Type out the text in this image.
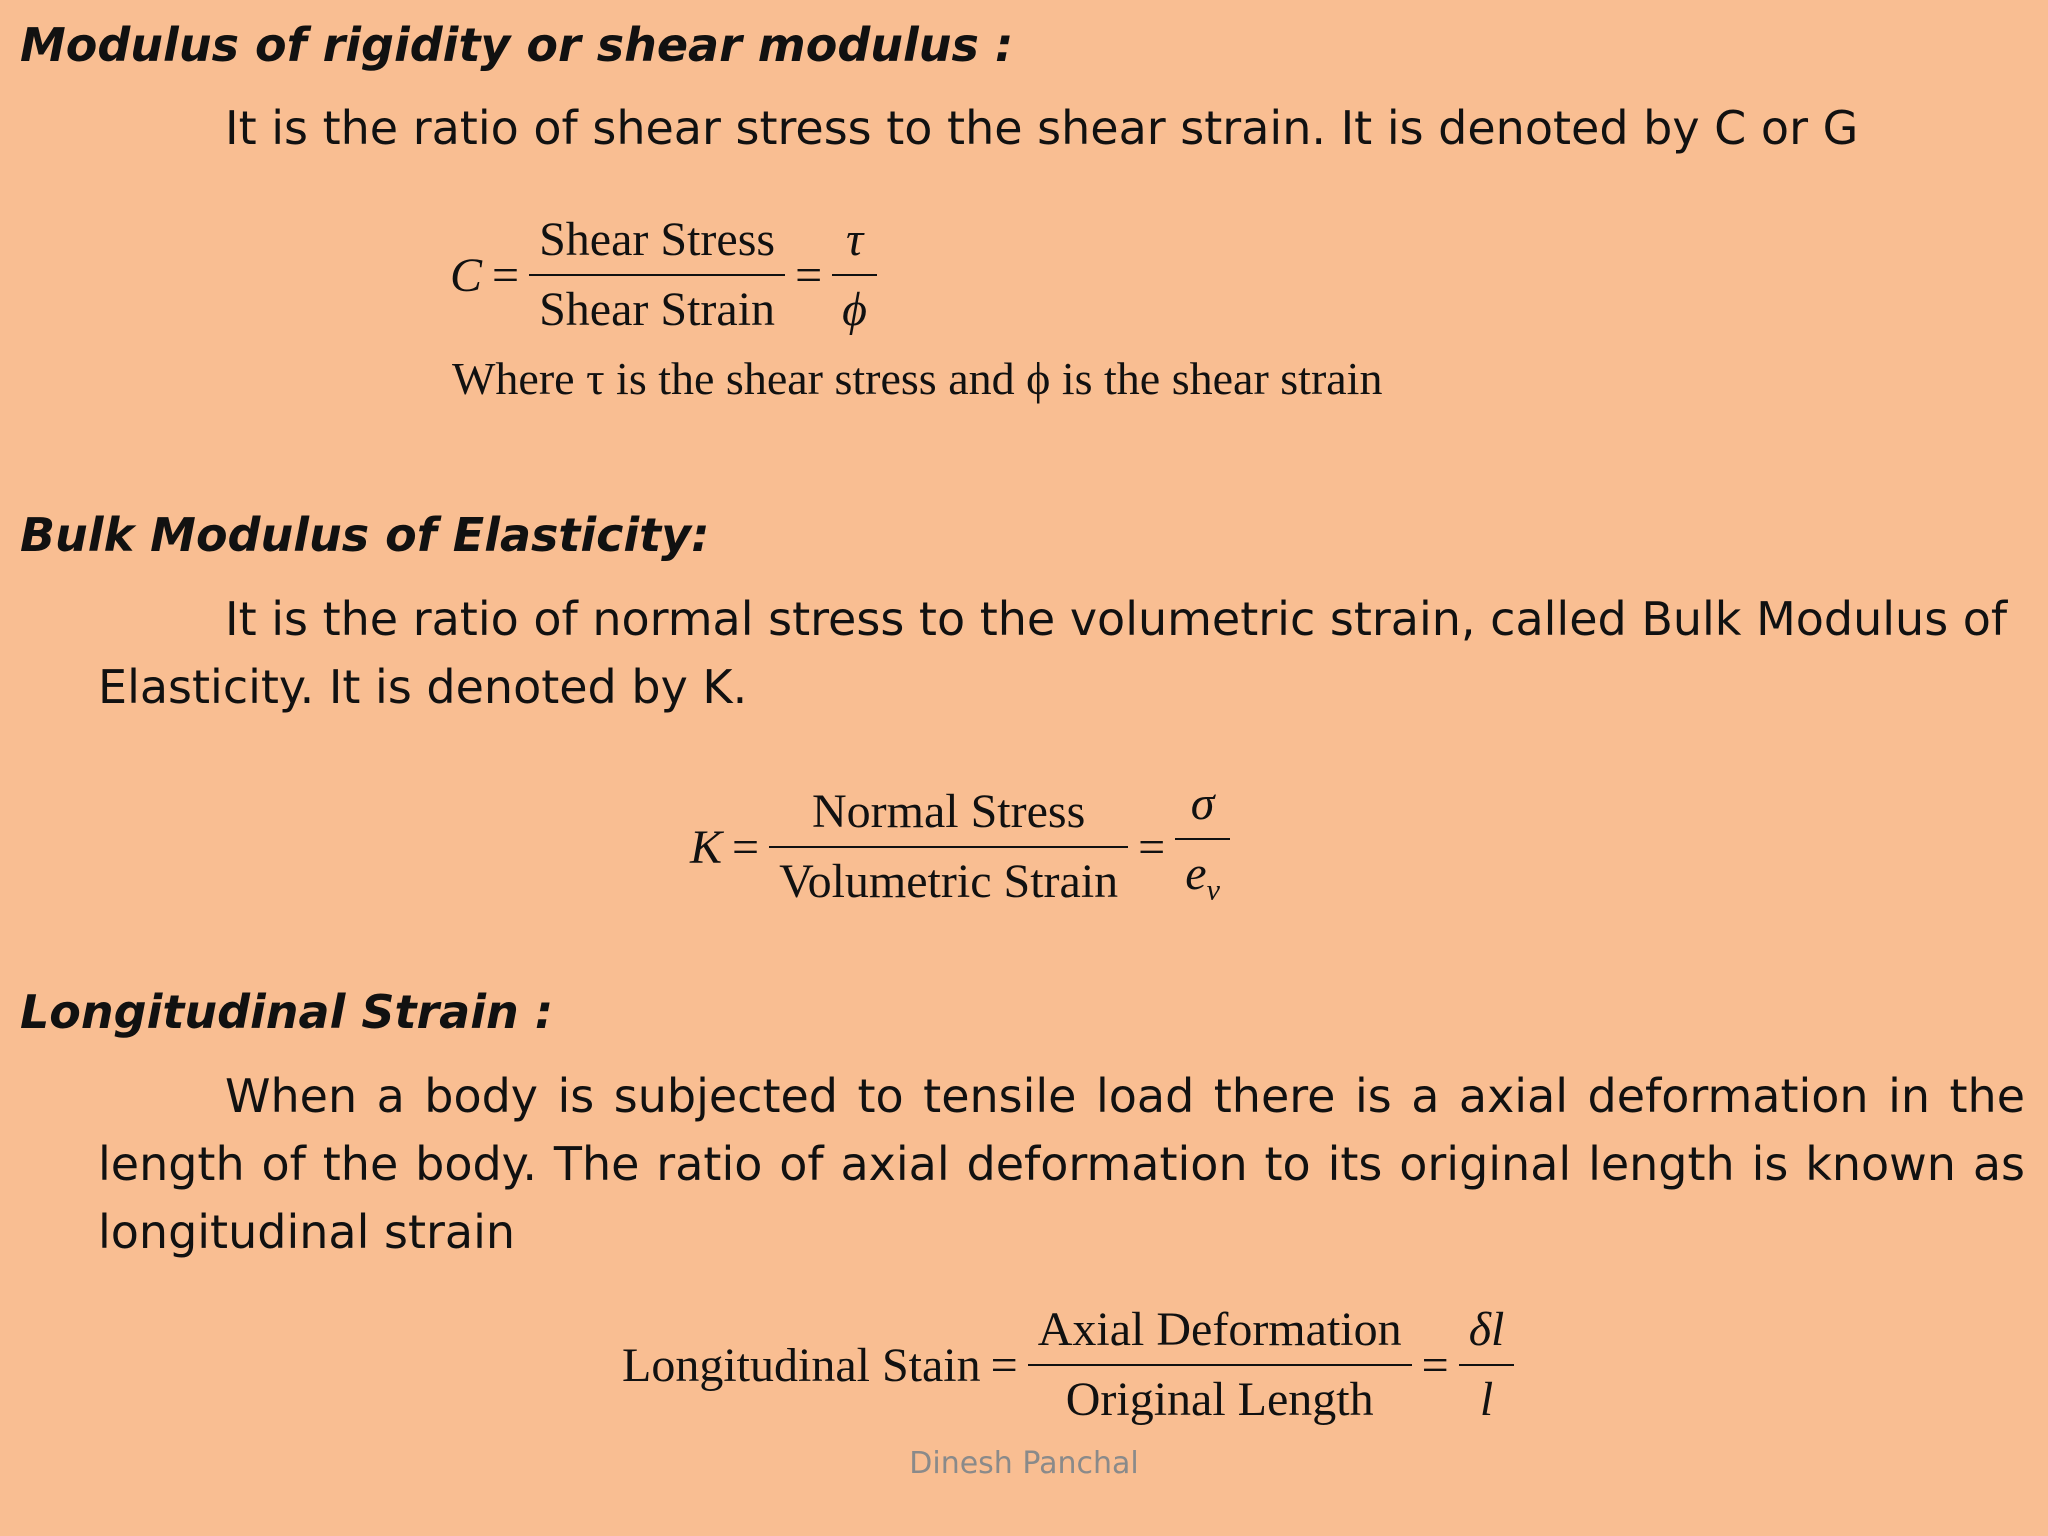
Modulus of rigidity or shear modulus :
It is the ratio of shear stress to the shear strain. It is denoted by C or G
$C = \frac{\text{Shear Stress}}{\text{Shear Strain}} = \frac{\tau}{\phi}$
Where τ is the shear stress and ϕ is the shear strain
Bulk Modulus of Elasticity:
It is the ratio of normal stress to the volumetric strain, called Bulk Modulus of
Elasticity. It is denoted by K.
$K = \frac{\text{Normal Stress}}{\text{Volumetric Strain}} = \frac{\sigma}{e_v}$
Longitudinal Strain :
When a body is subjected to tensile load there is a axial deformation in the
length of the body. The ratio of axial deformation to its original length is known as
longitudinal strain
Longitudinal Stain = $\frac{\text{Axial Deformation}}{\text{Original Length}} = \frac{\delta l}{l}$
Dinesh Panchal
